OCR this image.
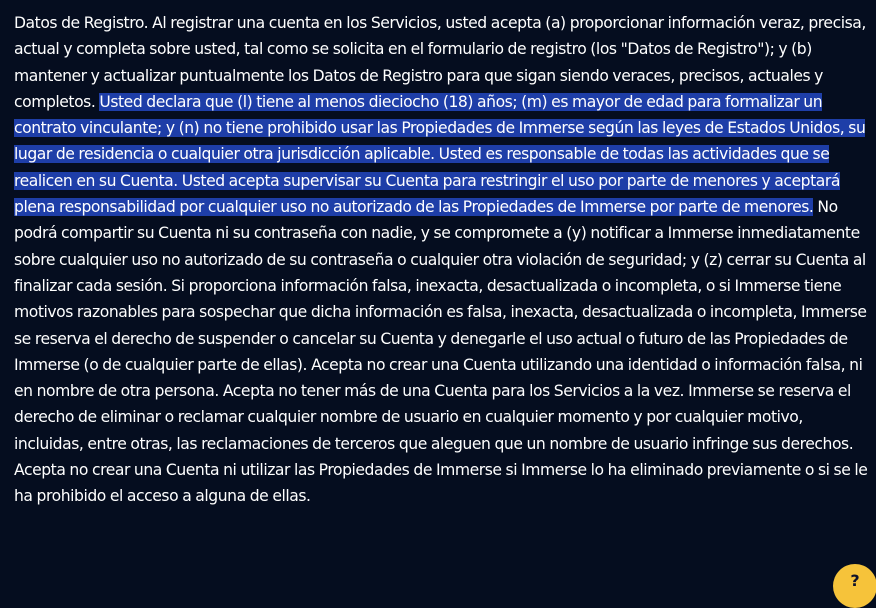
Datos de Registro. Al registrar una cuenta en los Servicios, usted acepta (a) proporcionar información veraz, precisa, actual y completa sobre usted, tal como se solicita en el formulario de registro (los "Datos de Registro"); y (b) mantener y actualizar puntualmente los Datos de Registro para que sigan siendo veraces, precisos, actuales y completos. Usted declara que (l) tiene al menos dieciocho (18) años; (m) es mayor de edad para formalizar un contrato vinculante; y (n) no tiene prohibido usar las Propiedades de Immerse según las leyes de Estados Unidos, su lugar de residencia o cualquier otra jurisdicción aplicable. Usted es responsable de todas las actividades que se realicen en su Cuenta. Usted acepta supervisar su Cuenta para restringir el uso por parte de menores y aceptará plena responsabilidad por cualquier uso no autorizado de las Propiedades de Immerse por parte de menores. No podrá compartir su Cuenta ni su contraseña con nadie, y se compromete a (y) notificar a Immerse inmediatamente sobre cualquier uso no autorizado de su contraseña o cualquier otra violación de seguridad; y (z) cerrar su Cuenta al finalizar cada sesión. Si proporciona información falsa, inexacta, desactualizada o incompleta, o si Immerse tiene motivos razonables para sospechar que dicha información es falsa, inexacta, desactualizada o incompleta, Immerse se reserva el derecho de suspender o cancelar su Cuenta y denegarle el uso actual o futuro de las Propiedades de Immerse (o de cualquier parte de ellas). Acepta no crear una Cuenta utilizando una identidad o información falsa, ni en nombre de otra persona. Acepta no tener más de una Cuenta para los Servicios a la vez. Immerse se reserva el derecho de eliminar o reclamar cualquier nombre de usuario en cualquier momento y por cualquier motivo, incluidas, entre otras, las reclamaciones de terceros que aleguen que un nombre de usuario infringe sus derechos. Acepta no crear una Cuenta ni utilizar las Propiedades de Immerse si Immerse lo ha eliminado previamente o si se le ha prohibido el acceso a alguna de ellas.

?
